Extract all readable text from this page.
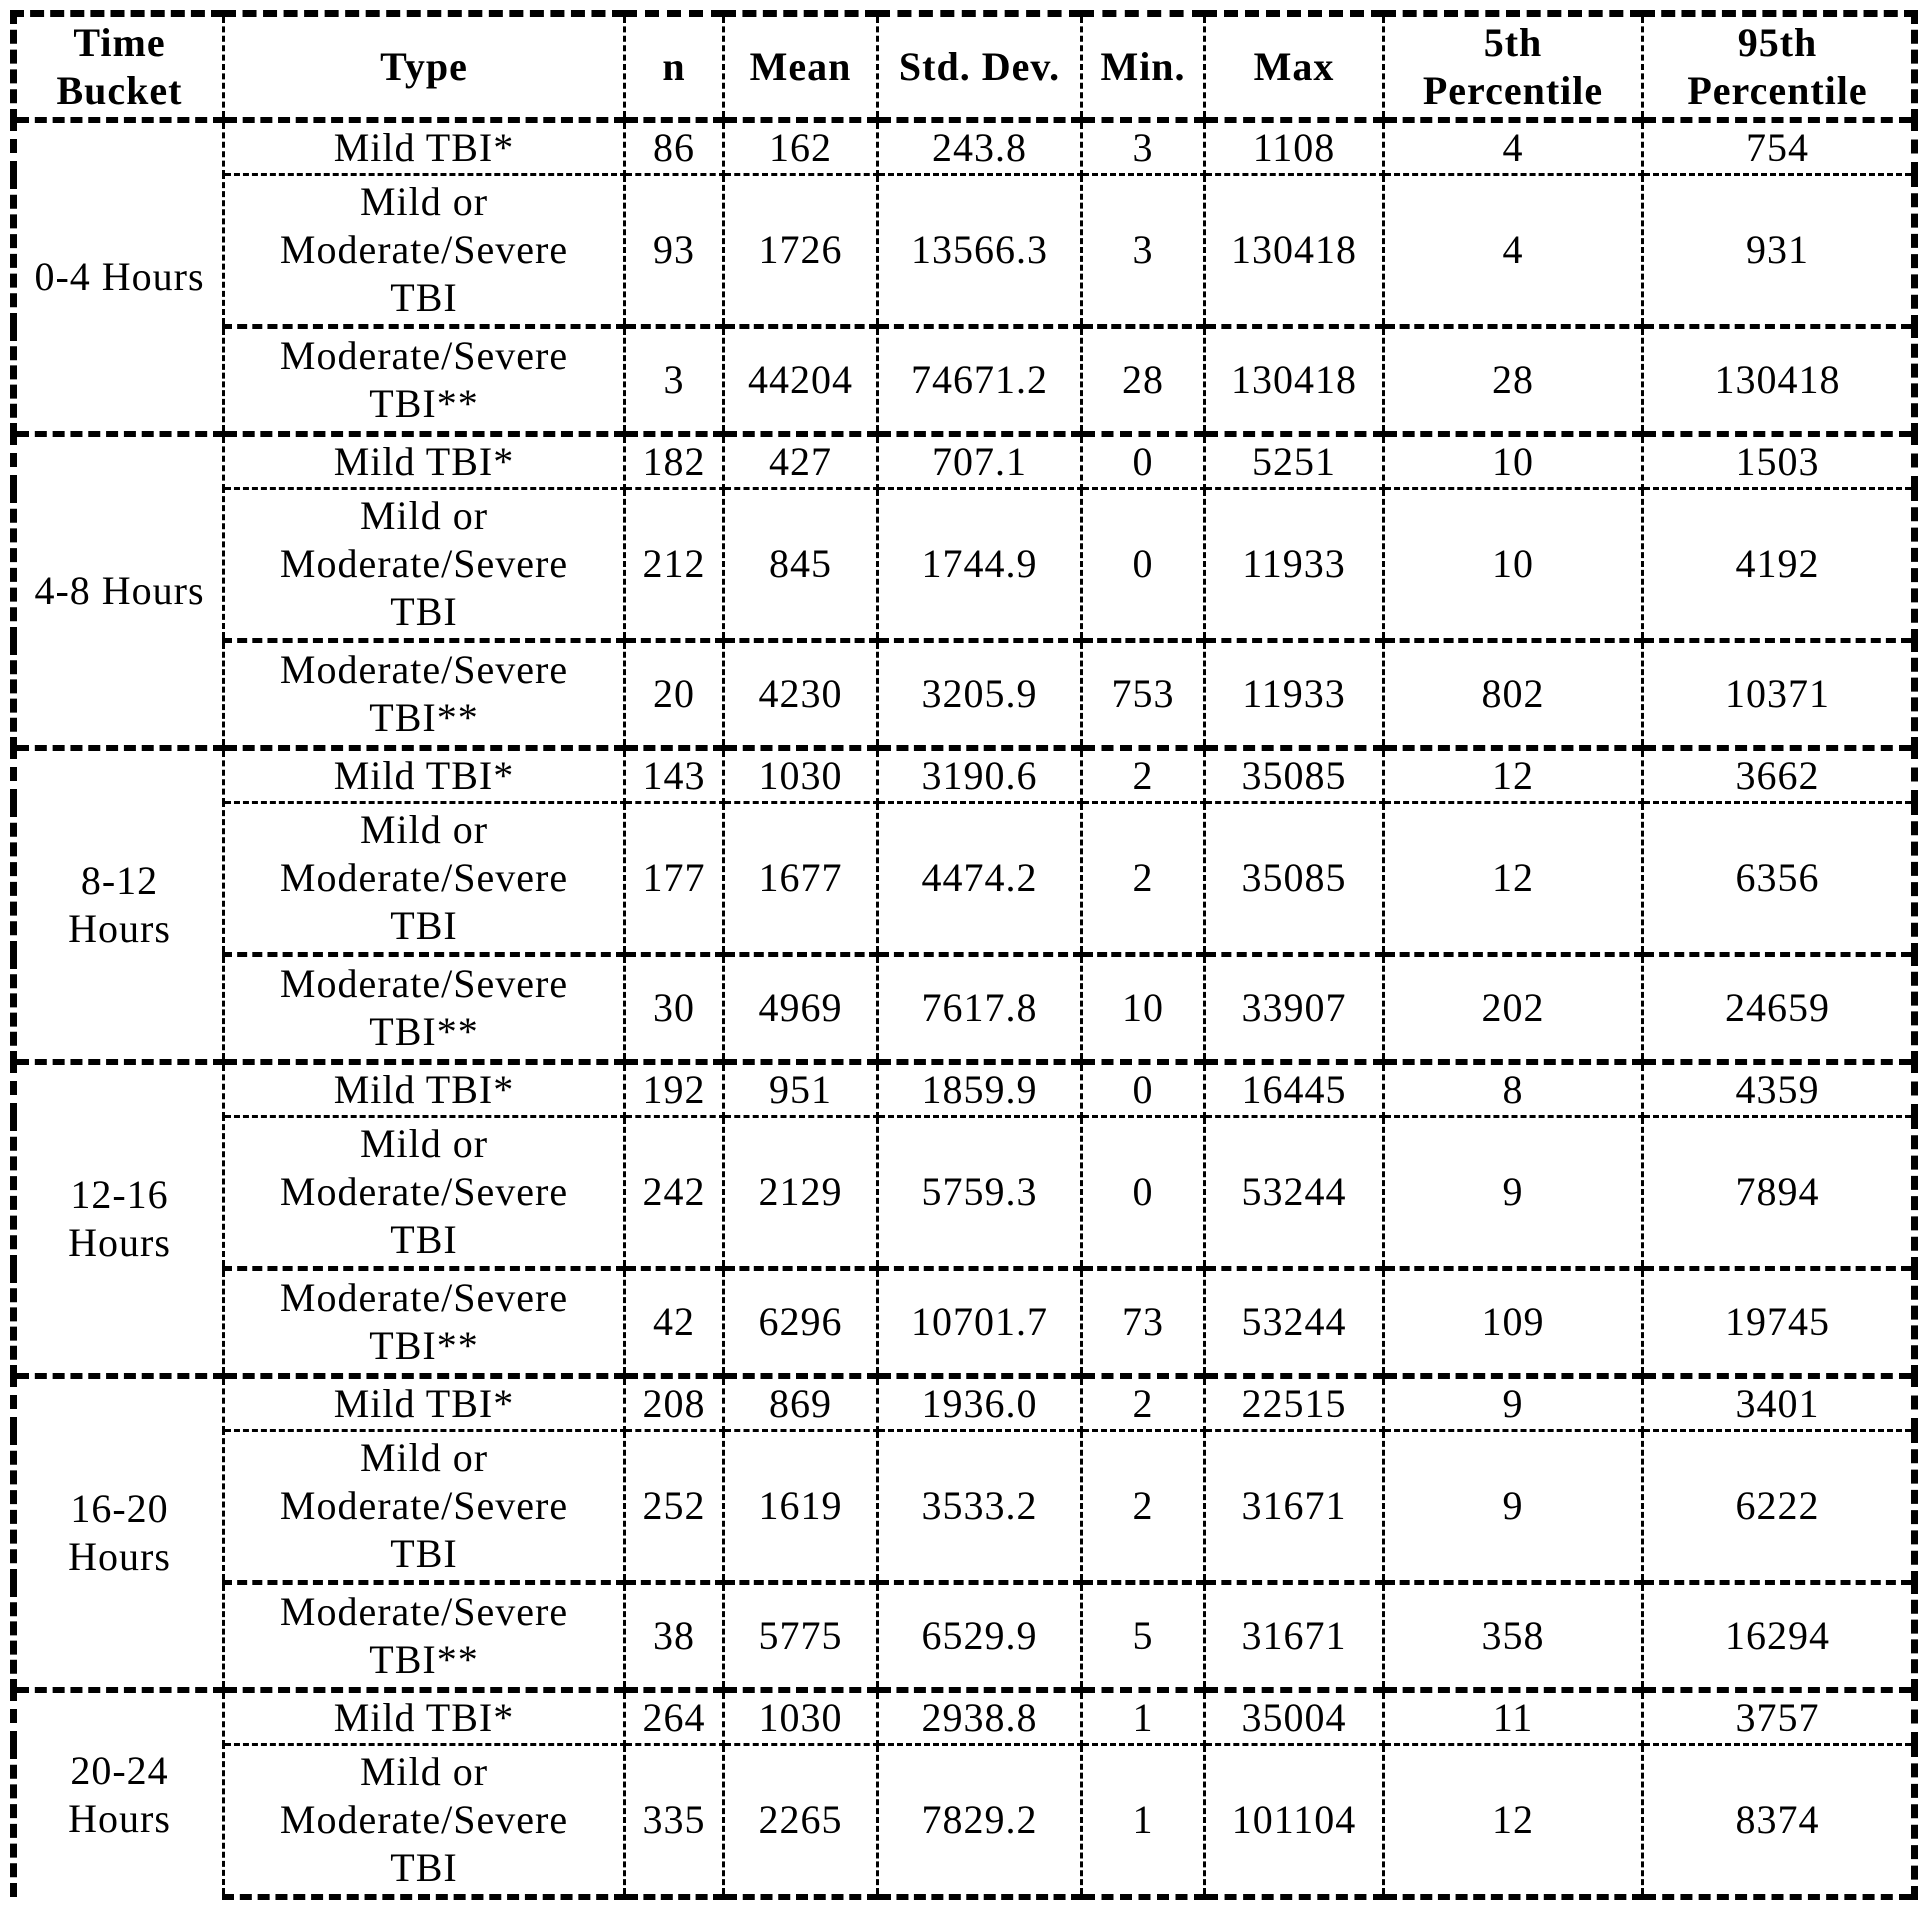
Time
Bucket	Type	n	Mean	Std. Dev.	Min.	Max	5th
Percentile	95th
Percentile
0-4 Hours	Mild TBI*	86	162	243.8	3	1108	4	754
	Mild or
Moderate/Severe
TBI	93	1726	13566.3	3	130418	4	931
	Moderate/Severe
TBI**	3	44204	74671.2	28	130418	28	130418
4-8 Hours	Mild TBI*	182	427	707.1	0	5251	10	1503
	Mild or
Moderate/Severe
TBI	212	845	1744.9	0	11933	10	4192
	Moderate/Severe
TBI**	20	4230	3205.9	753	11933	802	10371
8-12
Hours	Mild TBI*	143	1030	3190.6	2	35085	12	3662
	Mild or
Moderate/Severe
TBI	177	1677	4474.2	2	35085	12	6356
	Moderate/Severe
TBI**	30	4969	7617.8	10	33907	202	24659
12-16
Hours	Mild TBI*	192	951	1859.9	0	16445	8	4359
	Mild or
Moderate/Severe
TBI	242	2129	5759.3	0	53244	9	7894
	Moderate/Severe
TBI**	42	6296	10701.7	73	53244	109	19745
16-20
Hours	Mild TBI*	208	869	1936.0	2	22515	9	3401
	Mild or
Moderate/Severe
TBI	252	1619	3533.2	2	31671	9	6222
	Moderate/Severe
TBI**	38	5775	6529.9	5	31671	358	16294
20-24
Hours	Mild TBI*	264	1030	2938.8	1	35004	11	3757
	Mild or
Moderate/Severe
TBI	335	2265	7829.2	1	101104	12	8374
